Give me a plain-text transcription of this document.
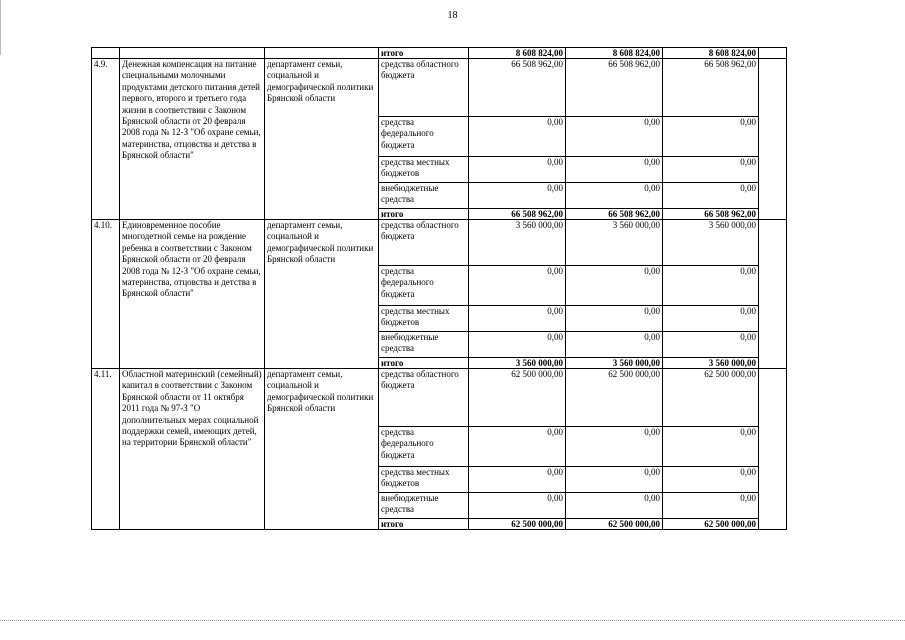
18
			итого	8 608 824,00	8 608 824,00	8 608 824,00	
4.9.	Денежная компенсация на питание специальными молочными продуктами детского питания детей первого, второго и третьего года жизни в соответствии с Законом Брянской области от 20 февраля 2008 года № 12-З "Об охране семьи, материнства, отцовства и детства в Брянской области"	департамент семьи, социальной и демографической политики Брянской области	средства областного бюджета	66 508 962,00	66 508 962,00	66 508 962,00	
			средства федерального бюджета	0,00	0,00	0,00	
			средства местных бюджетов	0,00	0,00	0,00	
			внебюджетные средства	0,00	0,00	0,00	
			итого	66 508 962,00	66 508 962,00	66 508 962,00	
4.10.	Единовременное пособие многодетной семье на рождение ребенка в соответствии с Законом Брянской области от 20 февраля 2008 года № 12-З "Об охране семьи, материнства, отцовства и детства в Брянской области"	департамент семьи, социальной и демографической политики Брянской области	средства областного бюджета	3 560 000,00	3 560 000,00	3 560 000,00	
			средства федерального бюджета	0,00	0,00	0,00	
			средства местных бюджетов	0,00	0,00	0,00	
			внебюджетные средства	0,00	0,00	0,00	
			итого	3 560 000,00	3 560 000,00	3 560 000,00	
4.11.	Областной материнский (семейный) капитал в соответствии с Законом Брянской области от 11 октября 2011 года № 97-З "О дополнительных мерах социальной поддержки семей, имеющих детей, на территории Брянской области"	департамент семьи, социальной и демографической политики Брянской области	средства областного бюджета	62 500 000,00	62 500 000,00	62 500 000,00	
			средства федерального бюджета	0,00	0,00	0,00	
			средства местных бюджетов	0,00	0,00	0,00	
			внебюджетные средства	0,00	0,00	0,00	
			итого	62 500 000,00	62 500 000,00	62 500 000,00	
